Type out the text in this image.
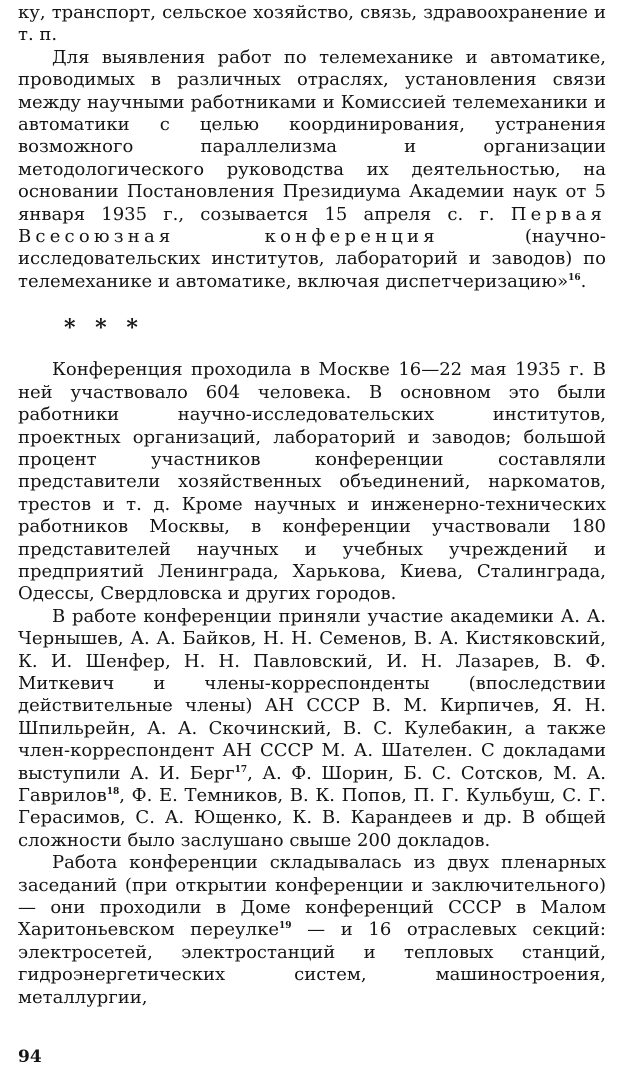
ку, транспорт, сельское хозяйство, связь, здравоохранение и т. п.

Для выявления работ по телемеханике и автоматике, проводимых в различных отраслях, установления связи между научными работниками и Комиссией телемеханики и автоматики с целью координирования, устранения возможного параллелизма и организации методологического руководства их деятельностью, на основании Постановления Президиума Академии наук от 5 января 1935 г., созывается 15 апреля с. г. Первая Всесоюзная конференция	(научно-исследовательских институтов, лабораторий и заводов) по телемеханике и автоматике, включая диспетчеризацию»$^{16}$.

* * *

Конференция проходила в Москве 16—22 мая 1935 г. В ней участвовало 604 человека. В основном это были работники научно-исследовательских институтов, проектных организаций, лабораторий и заводов; большой процент участников конференции составляли представители хозяйственных объединений, наркоматов, трестов и т. д. Кроме научных и инженерно-технических работников Москвы, в конференции участвовали 180 представителей научных и учебных учреждений и предприятий Ленинграда, Харькова, Киева, Сталинграда, Одессы, Свердловска и других городов.

В работе конференции приняли участие академики А. А. Чернышев, А. А. Байков, Н. Н. Семенов, В. А. Кистяковский, К. И. Шенфер, Н. Н. Павловский, И. Н. Лазарев, В. Ф. Миткевич и члены-корреспонденты (впоследствии действительные члены) АН СССР В. М. Кирпичев, Я. Н. Шпильрейн, А. А. Скочинский, В. С. Кулебакин, а также член-корреспондент АН СССР М. А. Шателен. С докладами выступили А. И. Берг$^{17}$, А. Ф. Шорин, Б. С. Сотсков, М. А. Гаврилов$^{18}$, Ф. Е. Темников, В. К. Попов, П. Г. Кульбуш, С. Г. Герасимов, С. А. Ющенко, К. В. Карандеев и др. В общей сложности было заслушано свыше 200 докладов.

Работа конференции складывалась из двух пленарных заседаний (при открытии конференции и заключительного) — они проходили в Доме конференций СССР в Малом Харитоньевском переулке$^{19}$ — и 16 отраслевых секций: электросетей, электростанций и тепловых станций, гидроэнергетических систем, машиностроения, металлургии,

94
